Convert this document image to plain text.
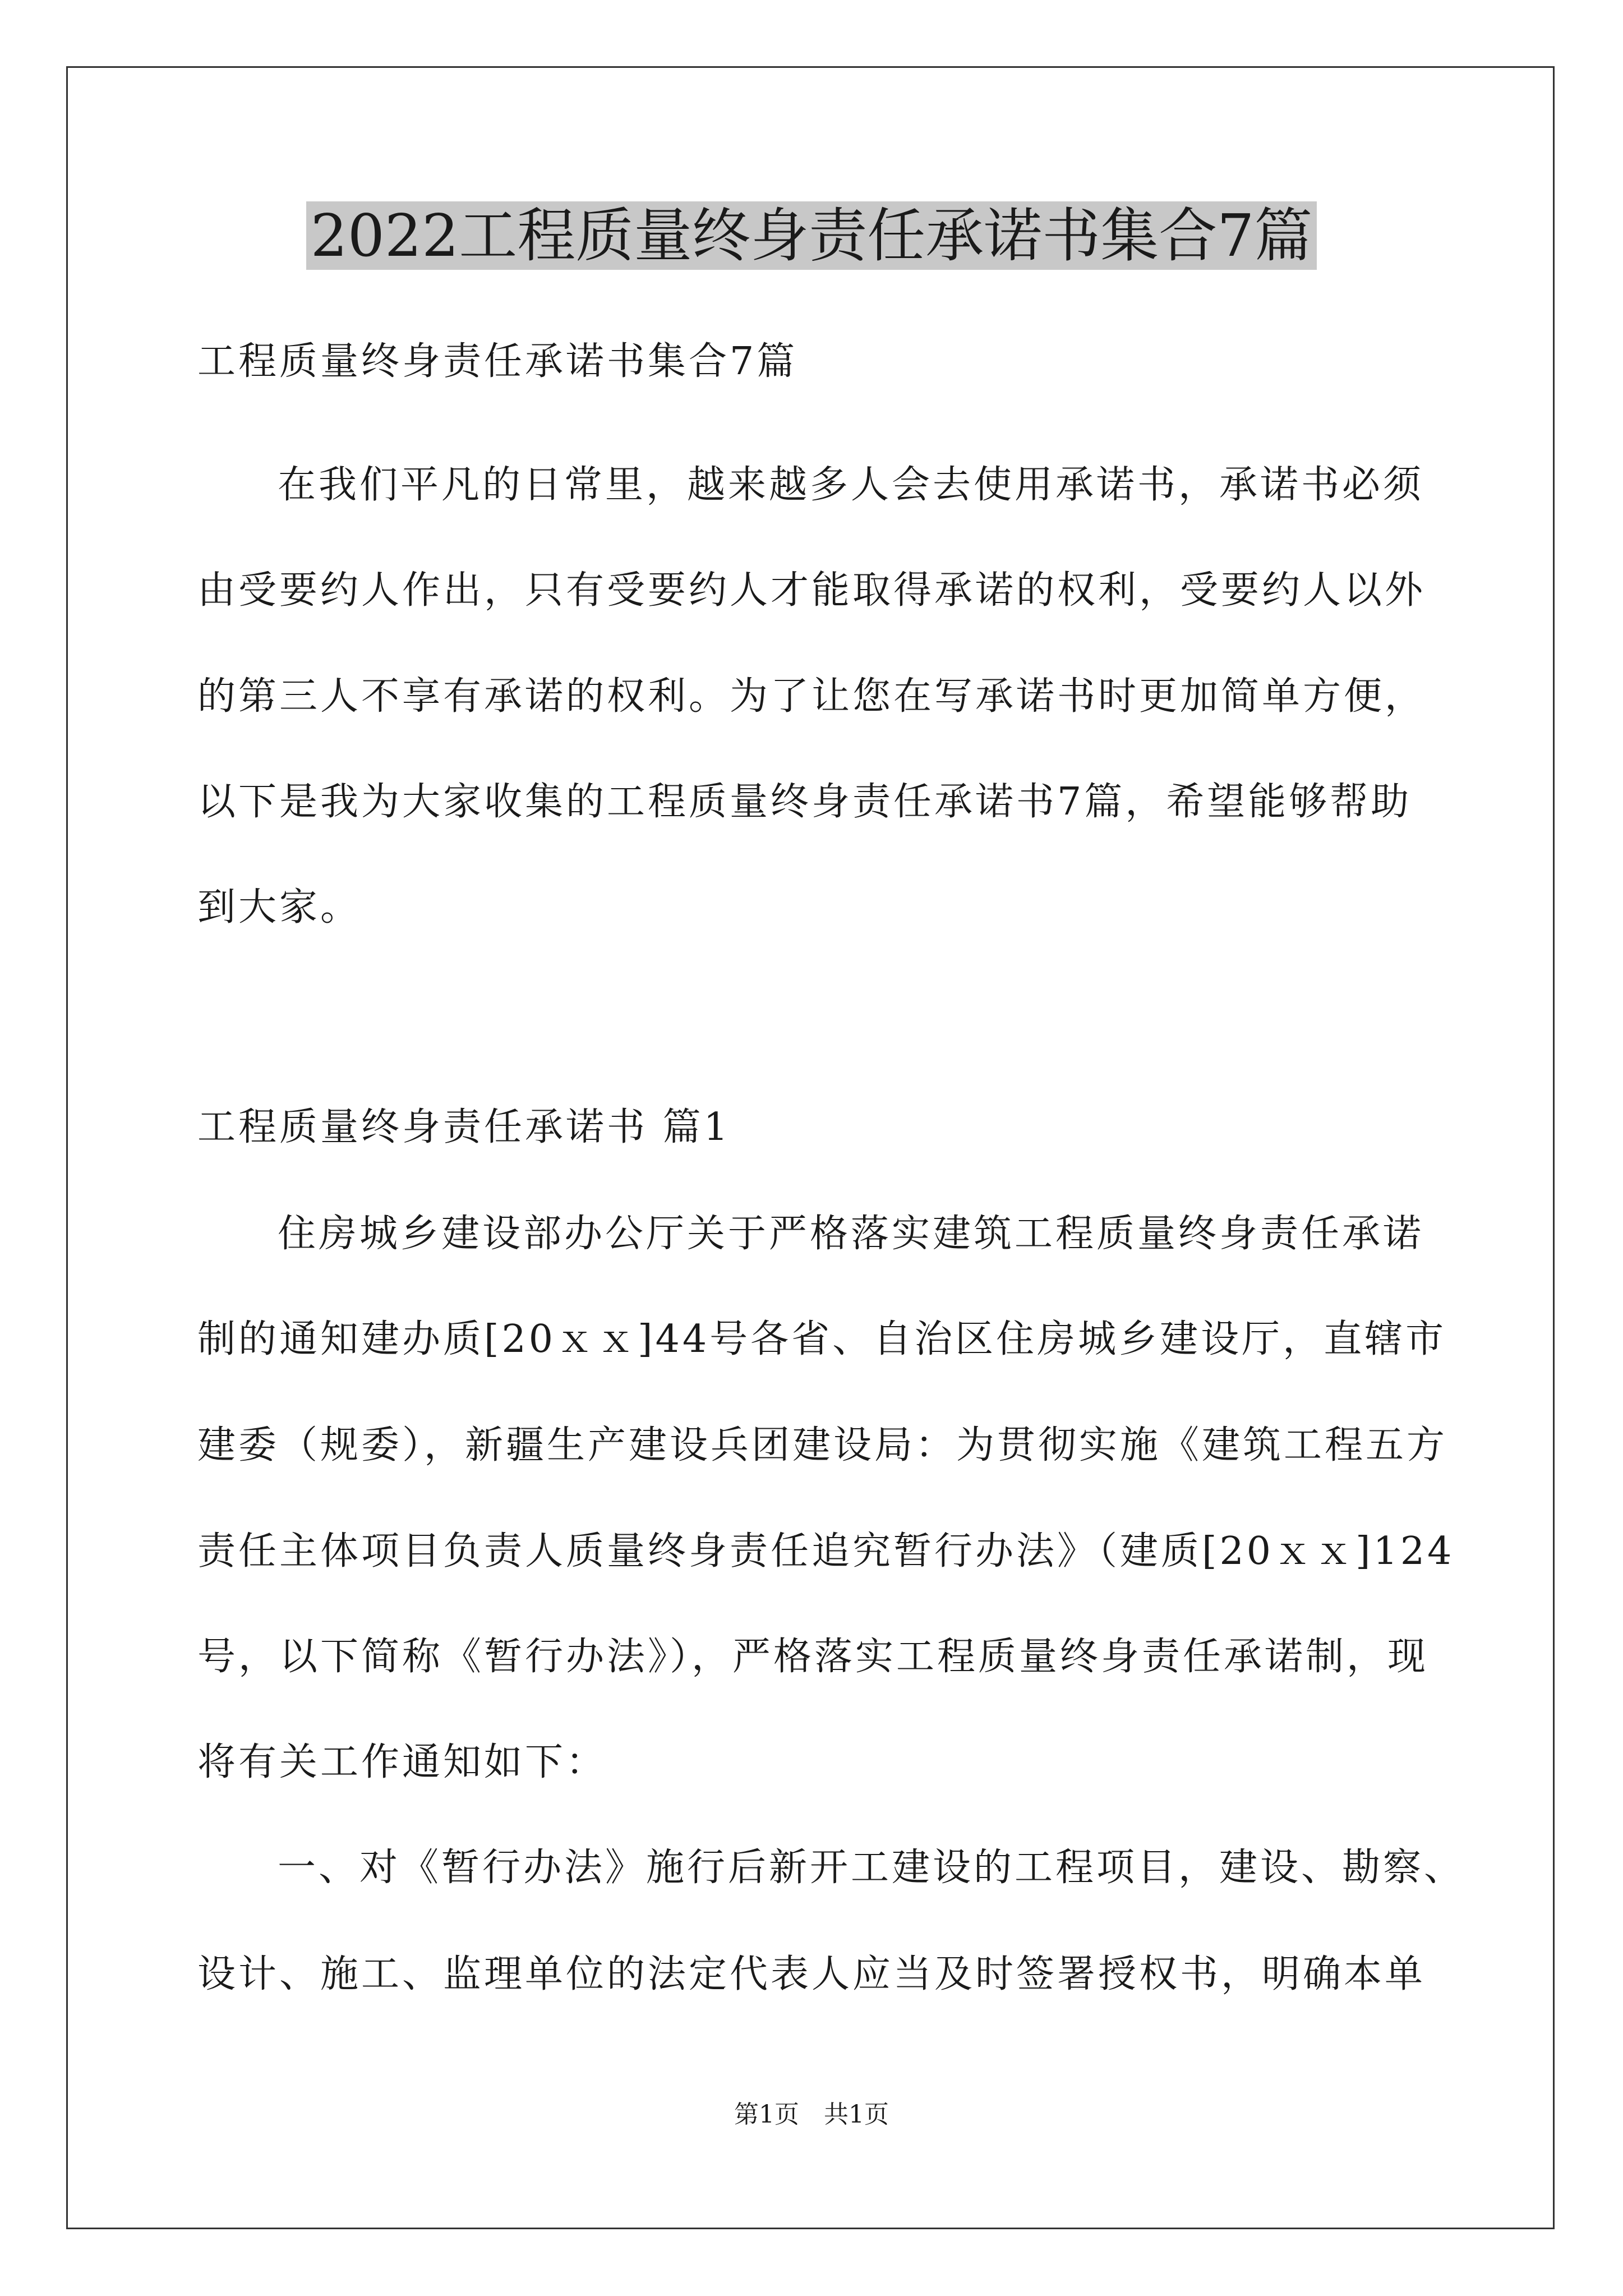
2022工程质量终身责任承诺书集合7篇
工程质量终身责任承诺书集合7篇
在我们平凡的日常里，越来越多人会去使用承诺书，承诺书必须
由受要约人作出，只有受要约人才能取得承诺的权利，受要约人以外
的第三人不享有承诺的权利。为了让您在写承诺书时更加简单方便，
以下是我为大家收集的工程质量终身责任承诺书7篇，希望能够帮助
到大家。
工程质量终身责任承诺书 篇1
住房城乡建设部办公厅关于严格落实建筑工程质量终身责任承诺
制的通知建办质[20ｘｘ]44号各省、自治区住房城乡建设厅，直辖市
建委（规委），新疆生产建设兵团建设局：为贯彻实施《建筑工程五方
责任主体项目负责人质量终身责任追究暂行办法》（建质[20ｘｘ]124
号，以下简称《暂行办法》），严格落实工程质量终身责任承诺制，现
将有关工作通知如下：
一、对《暂行办法》施行后新开工建设的工程项目，建设、勘察、
设计、施工、监理单位的法定代表人应当及时签署授权书，明确本单
第1页　共1页
